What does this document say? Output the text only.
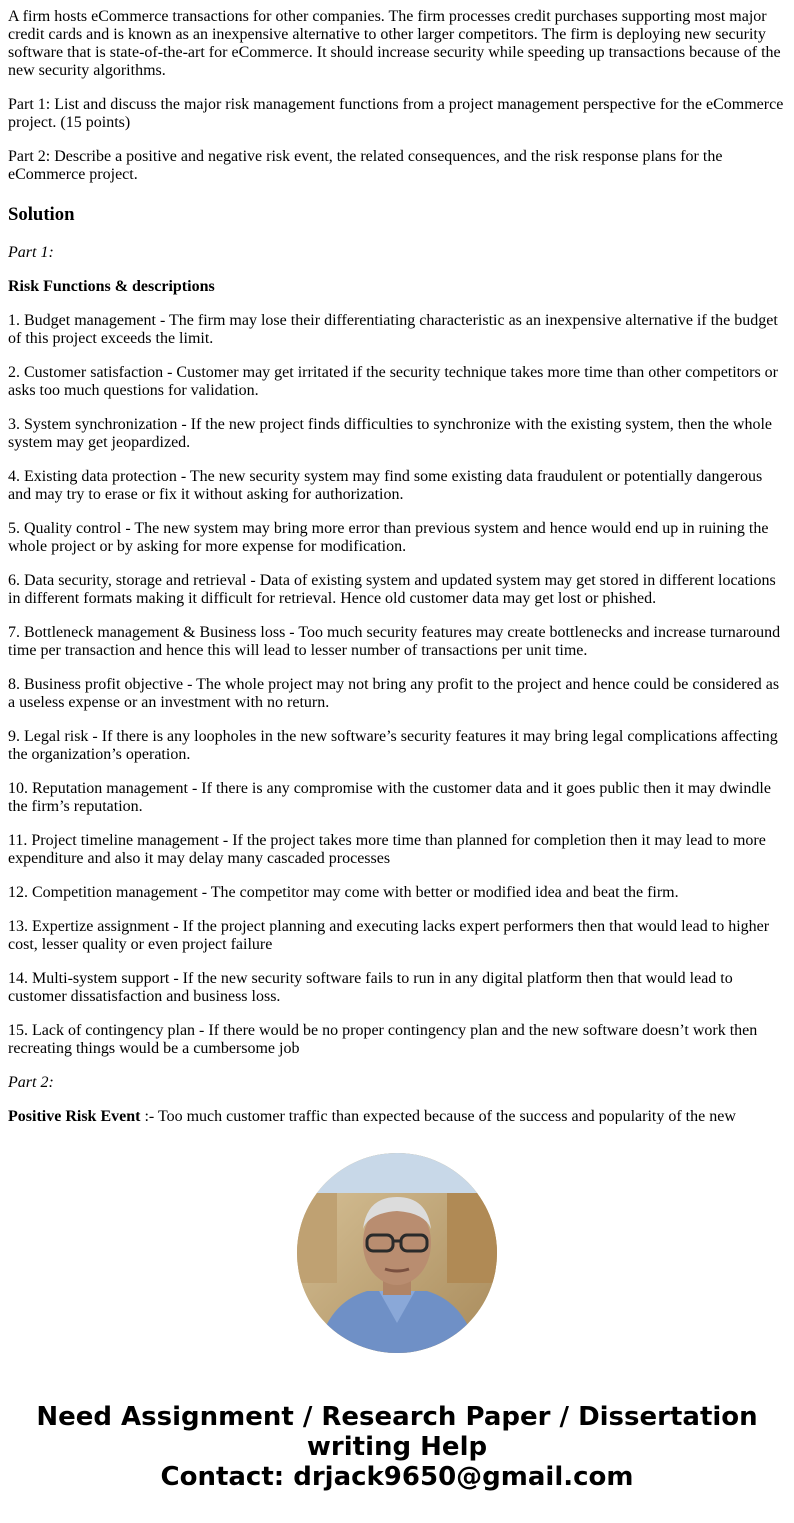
A firm hosts eCommerce transactions for other companies. The firm processes credit purchases supporting most major credit cards and is known as an inexpensive alternative to other larger competitors. The firm is deploying new security software that is state-of-the-art for eCommerce. It should increase security while speeding up transactions because of the new security algorithms.

Part 1: List and discuss the major risk management functions from a project management perspective for the eCommerce project. (15 points)

Part 2: Describe a positive and negative risk event, the related consequences, and the risk response plans for the eCommerce project.

Solution

Part 1:

Risk Functions & descriptions

1. Budget management - The firm may lose their differentiating characteristic as an inexpensive alternative if the budget of this project exceeds the limit.

2. Customer satisfaction - Customer may get irritated if the security technique takes more time than other competitors or asks too much questions for validation.

3. System synchronization - If the new project finds difficulties to synchronize with the existing system, then the whole system may get jeopardized.

4. Existing data protection - The new security system may find some existing data fraudulent or potentially dangerous and may try to erase or fix it without asking for authorization.

5. Quality control - The new system may bring more error than previous system and hence would end up in ruining the whole project or by asking for more expense for modification.

6. Data security, storage and retrieval - Data of existing system and updated system may get stored in different locations in different formats making it difficult for retrieval. Hence old customer data may get lost or phished.

7. Bottleneck management & Business loss - Too much security features may create bottlenecks and increase turnaround time per transaction and hence this will lead to lesser number of transactions per unit time.

8. Business profit objective - The whole project may not bring any profit to the project and hence could be considered as a useless expense or an investment with no return.

9. Legal risk - If there is any loopholes in the new software’s security features it may bring legal complications affecting the organization’s operation.

10. Reputation management - If there is any compromise with the customer data and it goes public then it may dwindle the firm’s reputation.

11. Project timeline management - If the project takes more time than planned for completion then it may lead to more expenditure and also it may delay many cascaded processes

12. Competition management - The competitor may come with better or modified idea and beat the firm.

13. Expertize assignment - If the project planning and executing lacks expert performers then that would lead to higher cost, lesser quality or even project failure

14. Multi-system support - If the new security software fails to run in any digital platform then that would lead to customer dissatisfaction and business loss.

15. Lack of contingency plan - If there would be no proper contingency plan and the new software doesn’t work then recreating things would be a cumbersome job

Part 2:

Positive Risk Event :- Too much customer traffic than expected because of the success and popularity of the new

Need Assignment / Research Paper / Dissertation
writing Help
Contact: drjack9650@gmail.com
